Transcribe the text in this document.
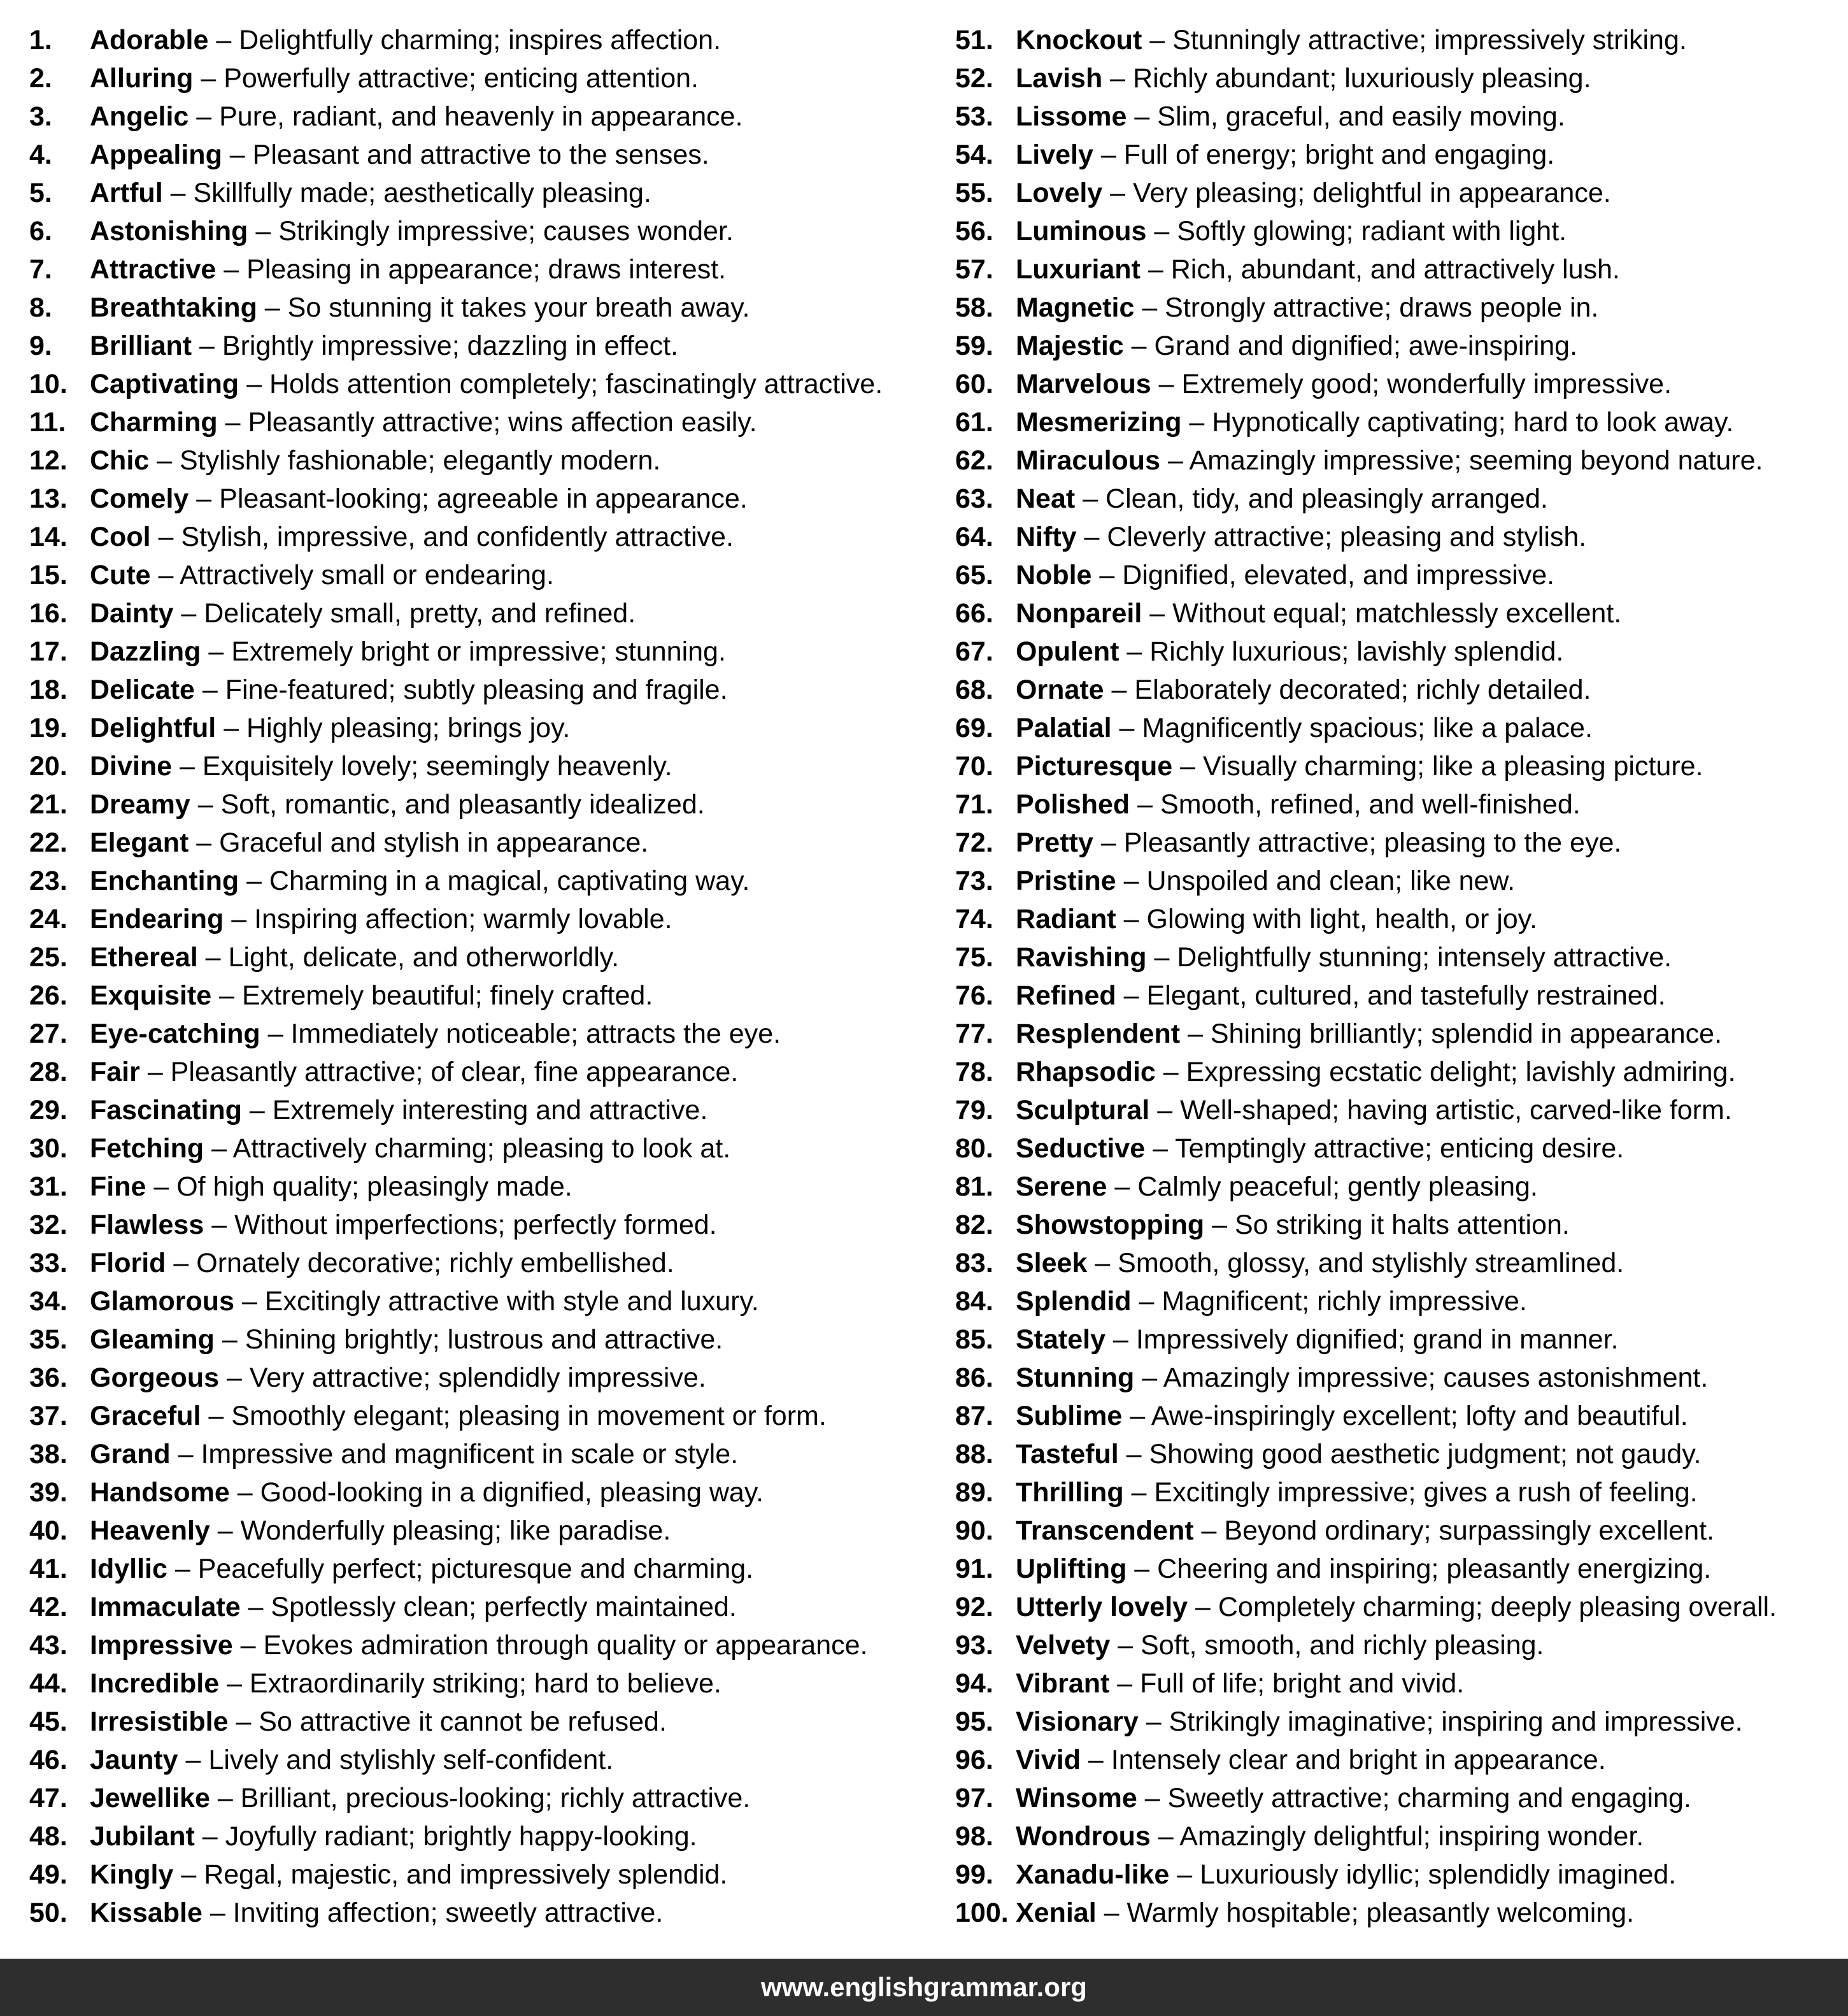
1.	Adorable – Delightfully charming; inspires affection.
2.	Alluring – Powerfully attractive; enticing attention.
3.	Angelic – Pure, radiant, and heavenly in appearance.
4.	Appealing – Pleasant and attractive to the senses.
5.	Artful – Skillfully made; aesthetically pleasing.
6.	Astonishing – Strikingly impressive; causes wonder.
7.	Attractive – Pleasing in appearance; draws interest.
8.	Breathtaking – So stunning it takes your breath away.
9.	Brilliant – Brightly impressive; dazzling in effect.
10. Captivating – Holds attention completely; fascinatingly attractive.
11. Charming – Pleasantly attractive; wins affection easily.
12. Chic – Stylishly fashionable; elegantly modern.
13. Comely – Pleasant-looking; agreeable in appearance.
14. Cool – Stylish, impressive, and confidently attractive.
15. Cute – Attractively small or endearing.
16. Dainty – Delicately small, pretty, and refined.
17. Dazzling – Extremely bright or impressive; stunning.
18. Delicate – Fine-featured; subtly pleasing and fragile.
19. Delightful – Highly pleasing; brings joy.
20. Divine – Exquisitely lovely; seemingly heavenly.
21. Dreamy – Soft, romantic, and pleasantly idealized.
22. Elegant – Graceful and stylish in appearance.
23. Enchanting – Charming in a magical, captivating way.
24. Endearing – Inspiring affection; warmly lovable.
25. Ethereal – Light, delicate, and otherworldly.
26. Exquisite – Extremely beautiful; finely crafted.
27. Eye-catching – Immediately noticeable; attracts the eye.
28. Fair – Pleasantly attractive; of clear, fine appearance.
29. Fascinating – Extremely interesting and attractive.
30. Fetching – Attractively charming; pleasing to look at.
31. Fine – Of high quality; pleasingly made.
32. Flawless – Without imperfections; perfectly formed.
33. Florid – Ornately decorative; richly embellished.
34. Glamorous – Excitingly attractive with style and luxury.
35. Gleaming – Shining brightly; lustrous and attractive.
36. Gorgeous – Very attractive; splendidly impressive.
37. Graceful – Smoothly elegant; pleasing in movement or form.
38. Grand – Impressive and magnificent in scale or style.
39. Handsome – Good-looking in a dignified, pleasing way.
40. Heavenly – Wonderfully pleasing; like paradise.
41. Idyllic – Peacefully perfect; picturesque and charming.
42. Immaculate – Spotlessly clean; perfectly maintained.
43. Impressive – Evokes admiration through quality or appearance.
44. Incredible – Extraordinarily striking; hard to believe.
45. Irresistible – So attractive it cannot be refused.
46. Jaunty – Lively and stylishly self-confident.
47. Jewellike – Brilliant, precious-looking; richly attractive.
48. Jubilant – Joyfully radiant; brightly happy-looking.
49. Kingly – Regal, majestic, and impressively splendid.
50. Kissable – Inviting affection; sweetly attractive.
51. Knockout – Stunningly attractive; impressively striking.
52. Lavish – Richly abundant; luxuriously pleasing.
53. Lissome – Slim, graceful, and easily moving.
54. Lively – Full of energy; bright and engaging.
55. Lovely – Very pleasing; delightful in appearance.
56. Luminous – Softly glowing; radiant with light.
57. Luxuriant – Rich, abundant, and attractively lush.
58. Magnetic – Strongly attractive; draws people in.
59. Majestic – Grand and dignified; awe-inspiring.
60. Marvelous – Extremely good; wonderfully impressive.
61. Mesmerizing – Hypnotically captivating; hard to look away.
62. Miraculous – Amazingly impressive; seeming beyond nature.
63. Neat – Clean, tidy, and pleasingly arranged.
64. Nifty – Cleverly attractive; pleasing and stylish.
65. Noble – Dignified, elevated, and impressive.
66. Nonpareil – Without equal; matchlessly excellent.
67. Opulent – Richly luxurious; lavishly splendid.
68. Ornate – Elaborately decorated; richly detailed.
69. Palatial – Magnificently spacious; like a palace.
70. Picturesque – Visually charming; like a pleasing picture.
71. Polished – Smooth, refined, and well-finished.
72. Pretty – Pleasantly attractive; pleasing to the eye.
73. Pristine – Unspoiled and clean; like new.
74. Radiant – Glowing with light, health, or joy.
75. Ravishing – Delightfully stunning; intensely attractive.
76. Refined – Elegant, cultured, and tastefully restrained.
77. Resplendent – Shining brilliantly; splendid in appearance.
78. Rhapsodic – Expressing ecstatic delight; lavishly admiring.
79. Sculptural – Well-shaped; having artistic, carved-like form.
80. Seductive – Temptingly attractive; enticing desire.
81. Serene – Calmly peaceful; gently pleasing.
82. Showstopping – So striking it halts attention.
83. Sleek – Smooth, glossy, and stylishly streamlined.
84. Splendid – Magnificent; richly impressive.
85. Stately – Impressively dignified; grand in manner.
86. Stunning – Amazingly impressive; causes astonishment.
87. Sublime – Awe-inspiringly excellent; lofty and beautiful.
88. Tasteful – Showing good aesthetic judgment; not gaudy.
89. Thrilling – Excitingly impressive; gives a rush of feeling.
90. Transcendent – Beyond ordinary; surpassingly excellent.
91. Uplifting – Cheering and inspiring; pleasantly energizing.
92. Utterly lovely – Completely charming; deeply pleasing overall.
93. Velvety – Soft, smooth, and richly pleasing.
94. Vibrant – Full of life; bright and vivid.
95. Visionary – Strikingly imaginative; inspiring and impressive.
96. Vivid – Intensely clear and bright in appearance.
97. Winsome – Sweetly attractive; charming and engaging.
98. Wondrous – Amazingly delightful; inspiring wonder.
99. Xanadu-like – Luxuriously idyllic; splendidly imagined.
100. Xenial – Warmly hospitable; pleasantly welcoming.
www.englishgrammar.org
